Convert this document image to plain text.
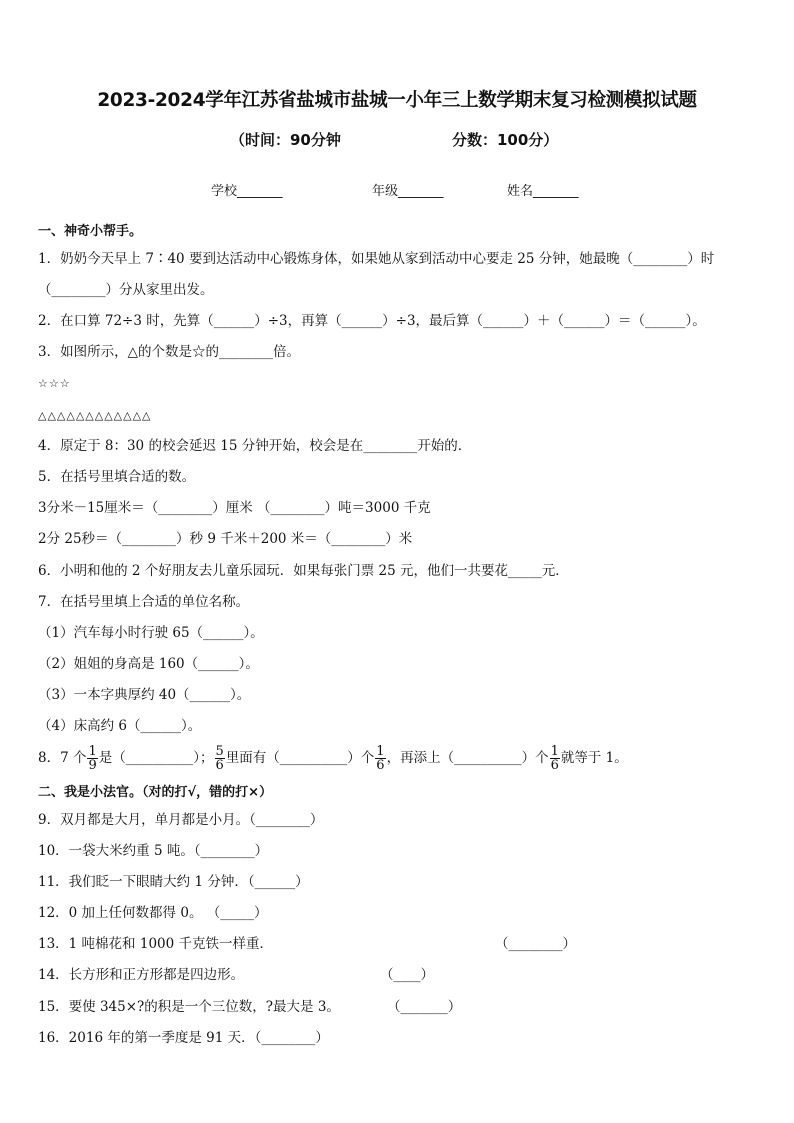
2023-2024学年江苏省盐城市盐城一小年三上数学期末复习检测模拟试题
（时间：90分钟	分数：100分）
学校_______	年级_______	姓名_______
一、神奇小帮手。
1．奶奶今天早上 7∶40 要到达活动中心锻炼身体，如果她从家到活动中心要走 25 分钟，她最晚（________）时
（________）分从家里出发。
2．在口算 72÷3 时，先算（______）÷3，再算（______）÷3，最后算（______）＋（______）＝（______）。
3．如图所示，△的个数是☆的________倍。
☆☆☆
△△△△△△△△△△△△
4．原定于 8：30 的校会延迟 15 分钟开始，校会是在________开始的．
5．在括号里填合适的数。
3分米－15厘米＝（________）厘米 （________）吨＝3000 千克
2分 25秒＝（________）秒 9 千米＋200 米＝（________）米
6．小明和他的 2 个好朋友去儿童乐园玩．如果每张门票 25 元，他们一共要花_____元．
7．在括号里填上合适的单位名称。
（1）汽车每小时行驶 65（______）。
（2）姐姐的身高是 160（______）。
（3）一本字典厚约 40（______）。
（4）床高约 6（______）。
8．7 个 $\frac{1}{9}$ 是（__________）； $\frac{5}{6}$ 里面有（__________）个 $\frac{1}{6}$ ，再添上（__________）个 $\frac{1}{6}$ 就等于 1。
二、我是小法官。（对的打√，错的打×）
9．双月都是大月，单月都是小月。（________）
10．一袋大米约重 5 吨。（________）
11．我们眨一下眼睛大约 1 分钟．（______）
12．0 加上任何数都得 0。 （_____）
13．1 吨棉花和 1000 千克铁一样重．	（________）
14．长方形和正方形都是四边形。	（____）
15．要使 345×?的积是一个三位数，?最大是 3。	（_______）
16．2016 年的第一季度是 91 天．（________）
